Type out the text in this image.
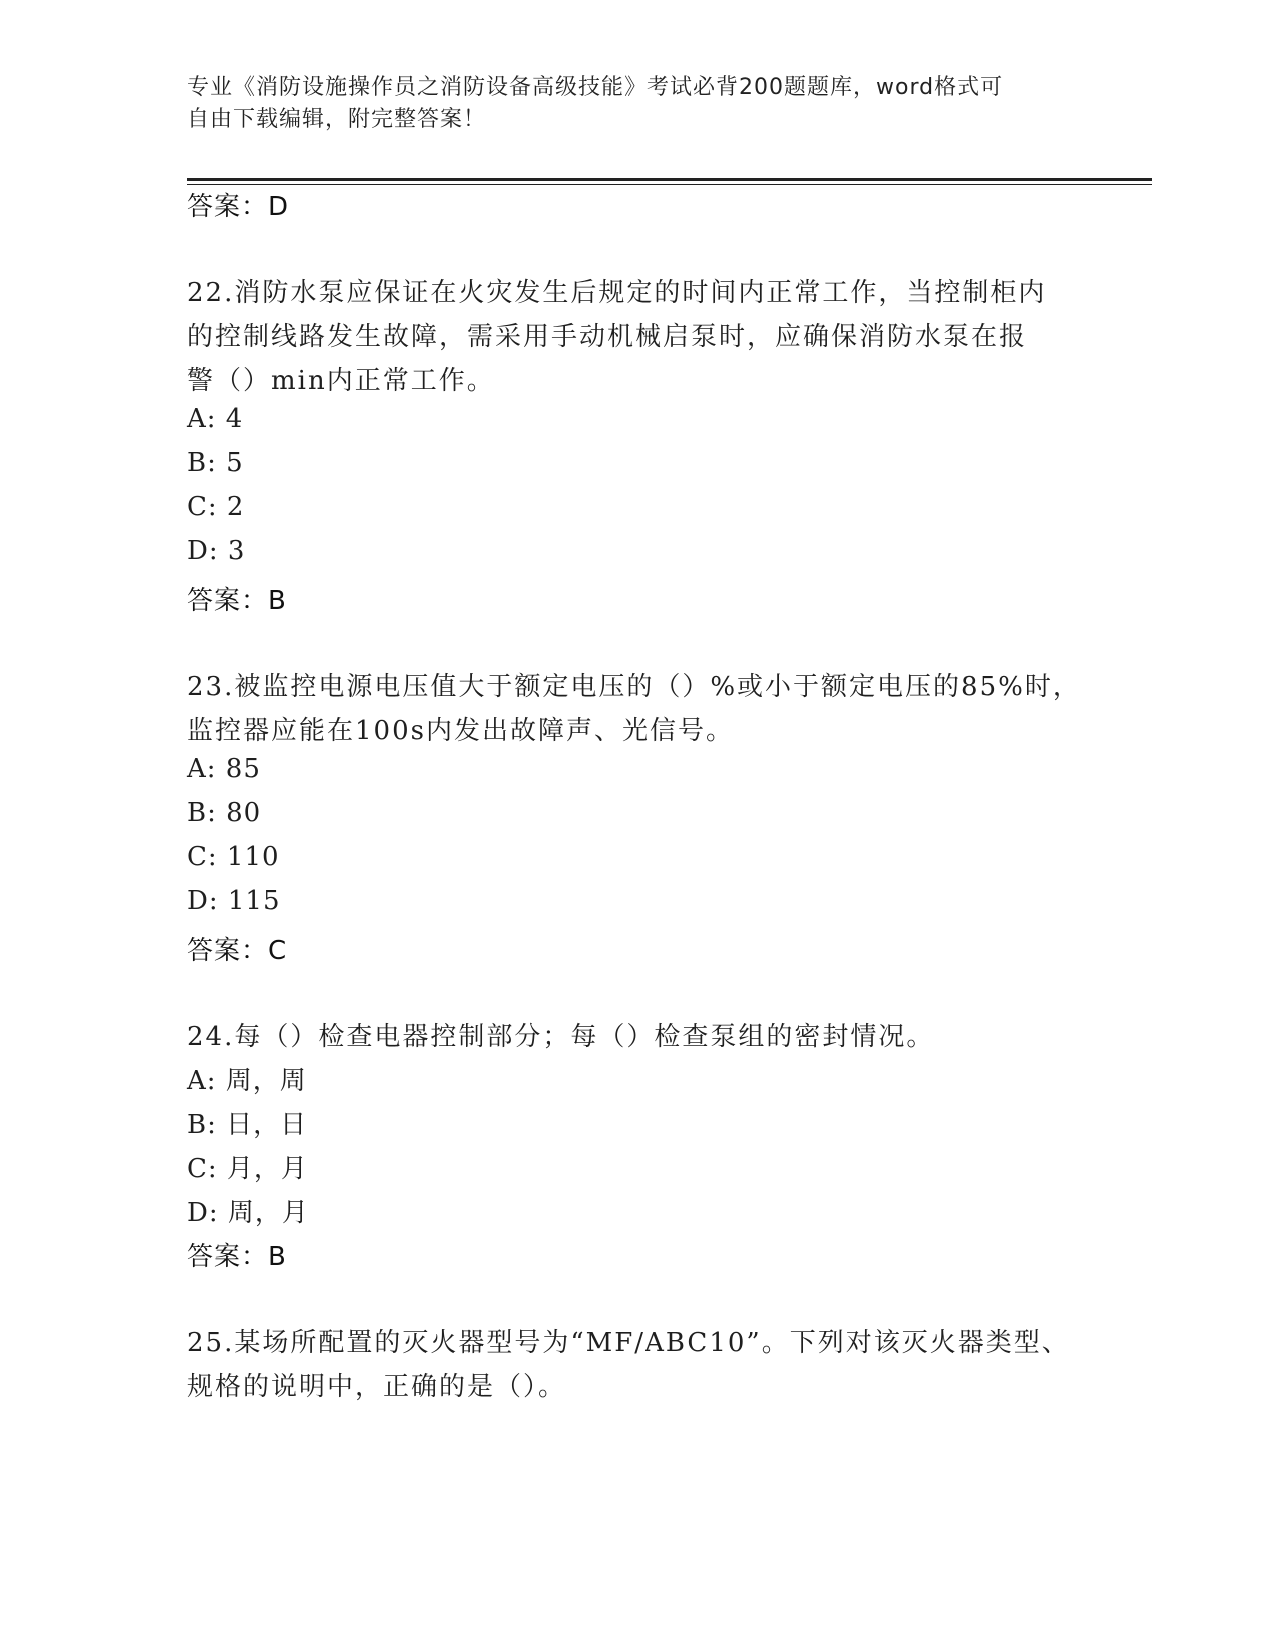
专业《消防设施操作员之消防设备高级技能》考试必背200题题库，word格式可
自由下载编辑，附完整答案！
答案：D
22.消防水泵应保证在火灾发生后规定的时间内正常工作，当控制柜内
的控制线路发生故障，需采用手动机械启泵时，应确保消防水泵在报
警（）min内正常工作。
A: 4
B: 5
C: 2
D: 3
答案：B
23.被监控电源电压值大于额定电压的（）%或小于额定电压的85%时，
监控器应能在100s内发出故障声、光信号。
A: 85
B: 80
C: 110
D: 115
答案：C
24.每（）检查电器控制部分；每（）检查泵组的密封情况。
A: 周，周
B: 日，日
C: 月，月
D: 周，月
答案：B
25.某场所配置的灭火器型号为“MF/ABC10”。下列对该灭火器类型、
规格的说明中，正确的是（）。
